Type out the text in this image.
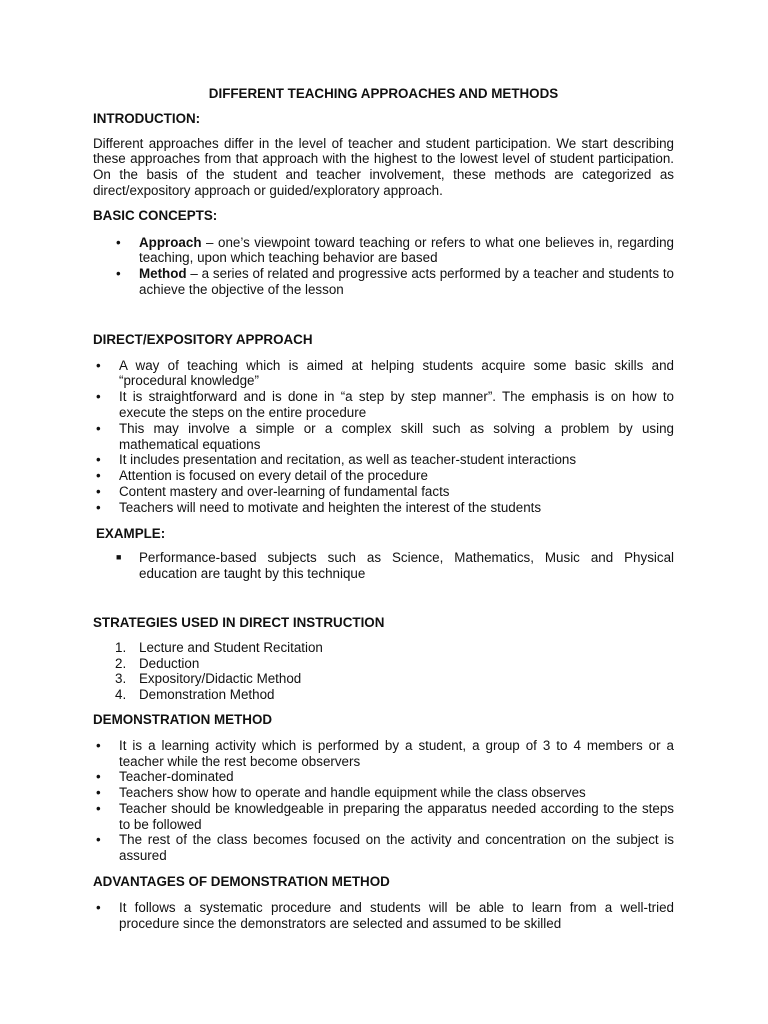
DIFFERENT TEACHING APPROACHES AND METHODS
INTRODUCTION:
Different approaches differ in the level of teacher and student participation. We start describing these approaches from that approach with the highest to the lowest level of student participation. On the basis of the student and teacher involvement, these methods are categorized as direct/expository approach or guided/exploratory approach.
BASIC CONCEPTS:
• Approach – one’s viewpoint toward teaching or refers to what one believes in, regarding teaching, upon which teaching behavior are based
• Method – a series of related and progressive acts performed by a teacher and students to achieve the objective of the lesson
DIRECT/EXPOSITORY APPROACH
• A way of teaching which is aimed at helping students acquire some basic skills and “procedural knowledge”
• It is straightforward and is done in “a step by step manner”. The emphasis is on how to execute the steps on the entire procedure
• This may involve a simple or a complex skill such as solving a problem by using mathematical equations
• It includes presentation and recitation, as well as teacher-student interactions
• Attention is focused on every detail of the procedure
• Content mastery and over-learning of fundamental facts
• Teachers will need to motivate and heighten the interest of the students
EXAMPLE:
■ Performance-based subjects such as Science, Mathematics, Music and Physical education are taught by this technique
STRATEGIES USED IN DIRECT INSTRUCTION
1. Lecture and Student Recitation
2. Deduction
3. Expository/Didactic Method
4. Demonstration Method
DEMONSTRATION METHOD
• It is a learning activity which is performed by a student, a group of 3 to 4 members or a teacher while the rest become observers
• Teacher-dominated
• Teachers show how to operate and handle equipment while the class observes
• Teacher should be knowledgeable in preparing the apparatus needed according to the steps to be followed
• The rest of the class becomes focused on the activity and concentration on the subject is assured
ADVANTAGES OF DEMONSTRATION METHOD
• It follows a systematic procedure and students will be able to learn from a well-tried procedure since the demonstrators are selected and assumed to be skilled
